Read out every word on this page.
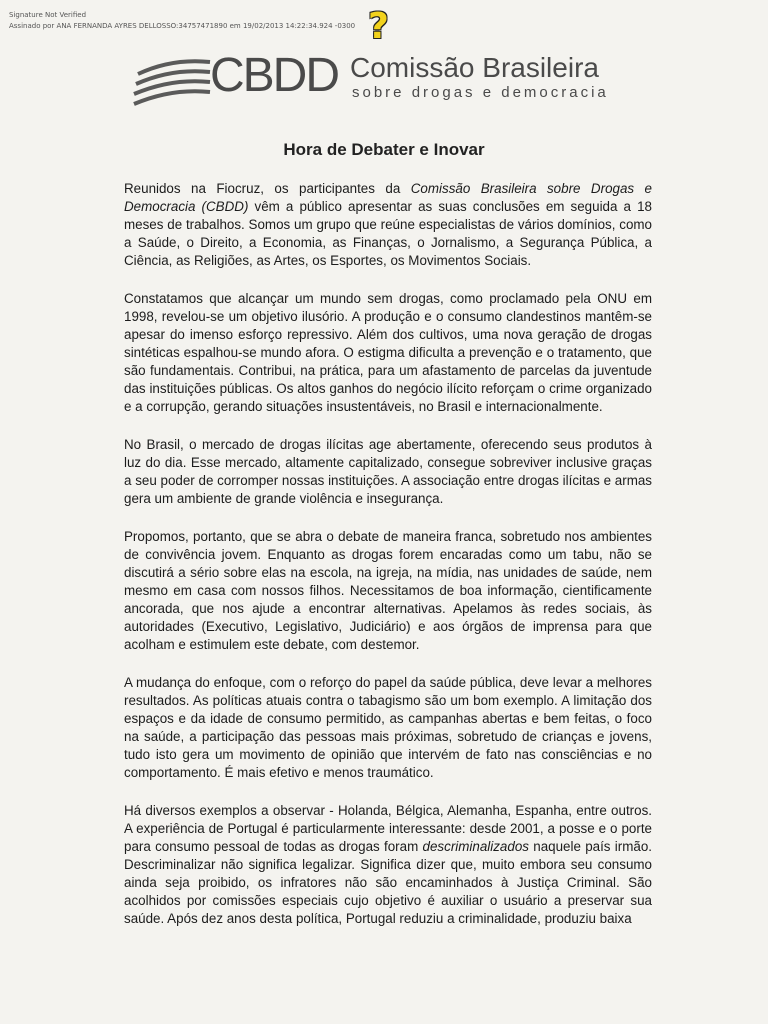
Signature Not Verified
Assinado por ANA FERNANDA AYRES DELLOSSO:34757471890 em 19/02/2013 14:22:34.924 -0300 ?
CBDD Comissão Brasileira
sobre drogas e democracia
Hora de Debater e Inovar

Reunidos na Fiocruz, os participantes da Comissão Brasileira sobre Drogas e Democracia (CBDD) vêm a público apresentar as suas conclusões em seguida a 18 meses de trabalhos. Somos um grupo que reúne especialistas de vários domínios, como a Saúde, o Direito, a Economia, as Finanças, o Jornalismo, a Segurança Pública, a Ciência, as Religiões, as Artes, os Esportes, os Movimentos Sociais.

Constatamos que alcançar um mundo sem drogas, como proclamado pela ONU em 1998, revelou-se um objetivo ilusório. A produção e o consumo clandestinos mantêm-se apesar do imenso esforço repressivo. Além dos cultivos, uma nova geração de drogas sintéticas espalhou-se mundo afora. O estigma dificulta a prevenção e o tratamento, que são fundamentais. Contribui, na prática, para um afastamento de parcelas da juventude das instituições públicas. Os altos ganhos do negócio ilícito reforçam o crime organizado e a corrupção, gerando situações insustentáveis, no Brasil e internacionalmente.

No Brasil, o mercado de drogas ilícitas age abertamente, oferecendo seus produtos à luz do dia. Esse mercado, altamente capitalizado, consegue sobreviver inclusive graças a seu poder de corromper nossas instituições. A associação entre drogas ilícitas e armas gera um ambiente de grande violência e insegurança.

Propomos, portanto, que se abra o debate de maneira franca, sobretudo nos ambientes de convivência jovem. Enquanto as drogas forem encaradas como um tabu, não se discutirá a sério sobre elas na escola, na igreja, na mídia, nas unidades de saúde, nem mesmo em casa com nossos filhos. Necessitamos de boa informação, cientificamente ancorada, que nos ajude a encontrar alternativas. Apelamos às redes sociais, às autoridades (Executivo, Legislativo, Judiciário) e aos órgãos de imprensa para que acolham e estimulem este debate, com destemor.

A mudança do enfoque, com o reforço do papel da saúde pública, deve levar a melhores resultados. As políticas atuais contra o tabagismo são um bom exemplo. A limitação dos espaços e da idade de consumo permitido, as campanhas abertas e bem feitas, o foco na saúde, a participação das pessoas mais próximas, sobretudo de crianças e jovens, tudo isto gera um movimento de opinião que intervém de fato nas consciências e no comportamento. É mais efetivo e menos traumático.

Há diversos exemplos a observar - Holanda, Bélgica, Alemanha, Espanha, entre outros. A experiência de Portugal é particularmente interessante: desde 2001, a posse e o porte para consumo pessoal de todas as drogas foram descriminalizados naquele país irmão. Descriminalizar não significa legalizar. Significa dizer que, muito embora seu consumo ainda seja proibido, os infratores não são encaminhados à Justiça Criminal. São acolhidos por comissões especiais cujo objetivo é auxiliar o usuário a preservar sua saúde. Após dez anos desta política, Portugal reduziu a criminalidade, produziu baixa
